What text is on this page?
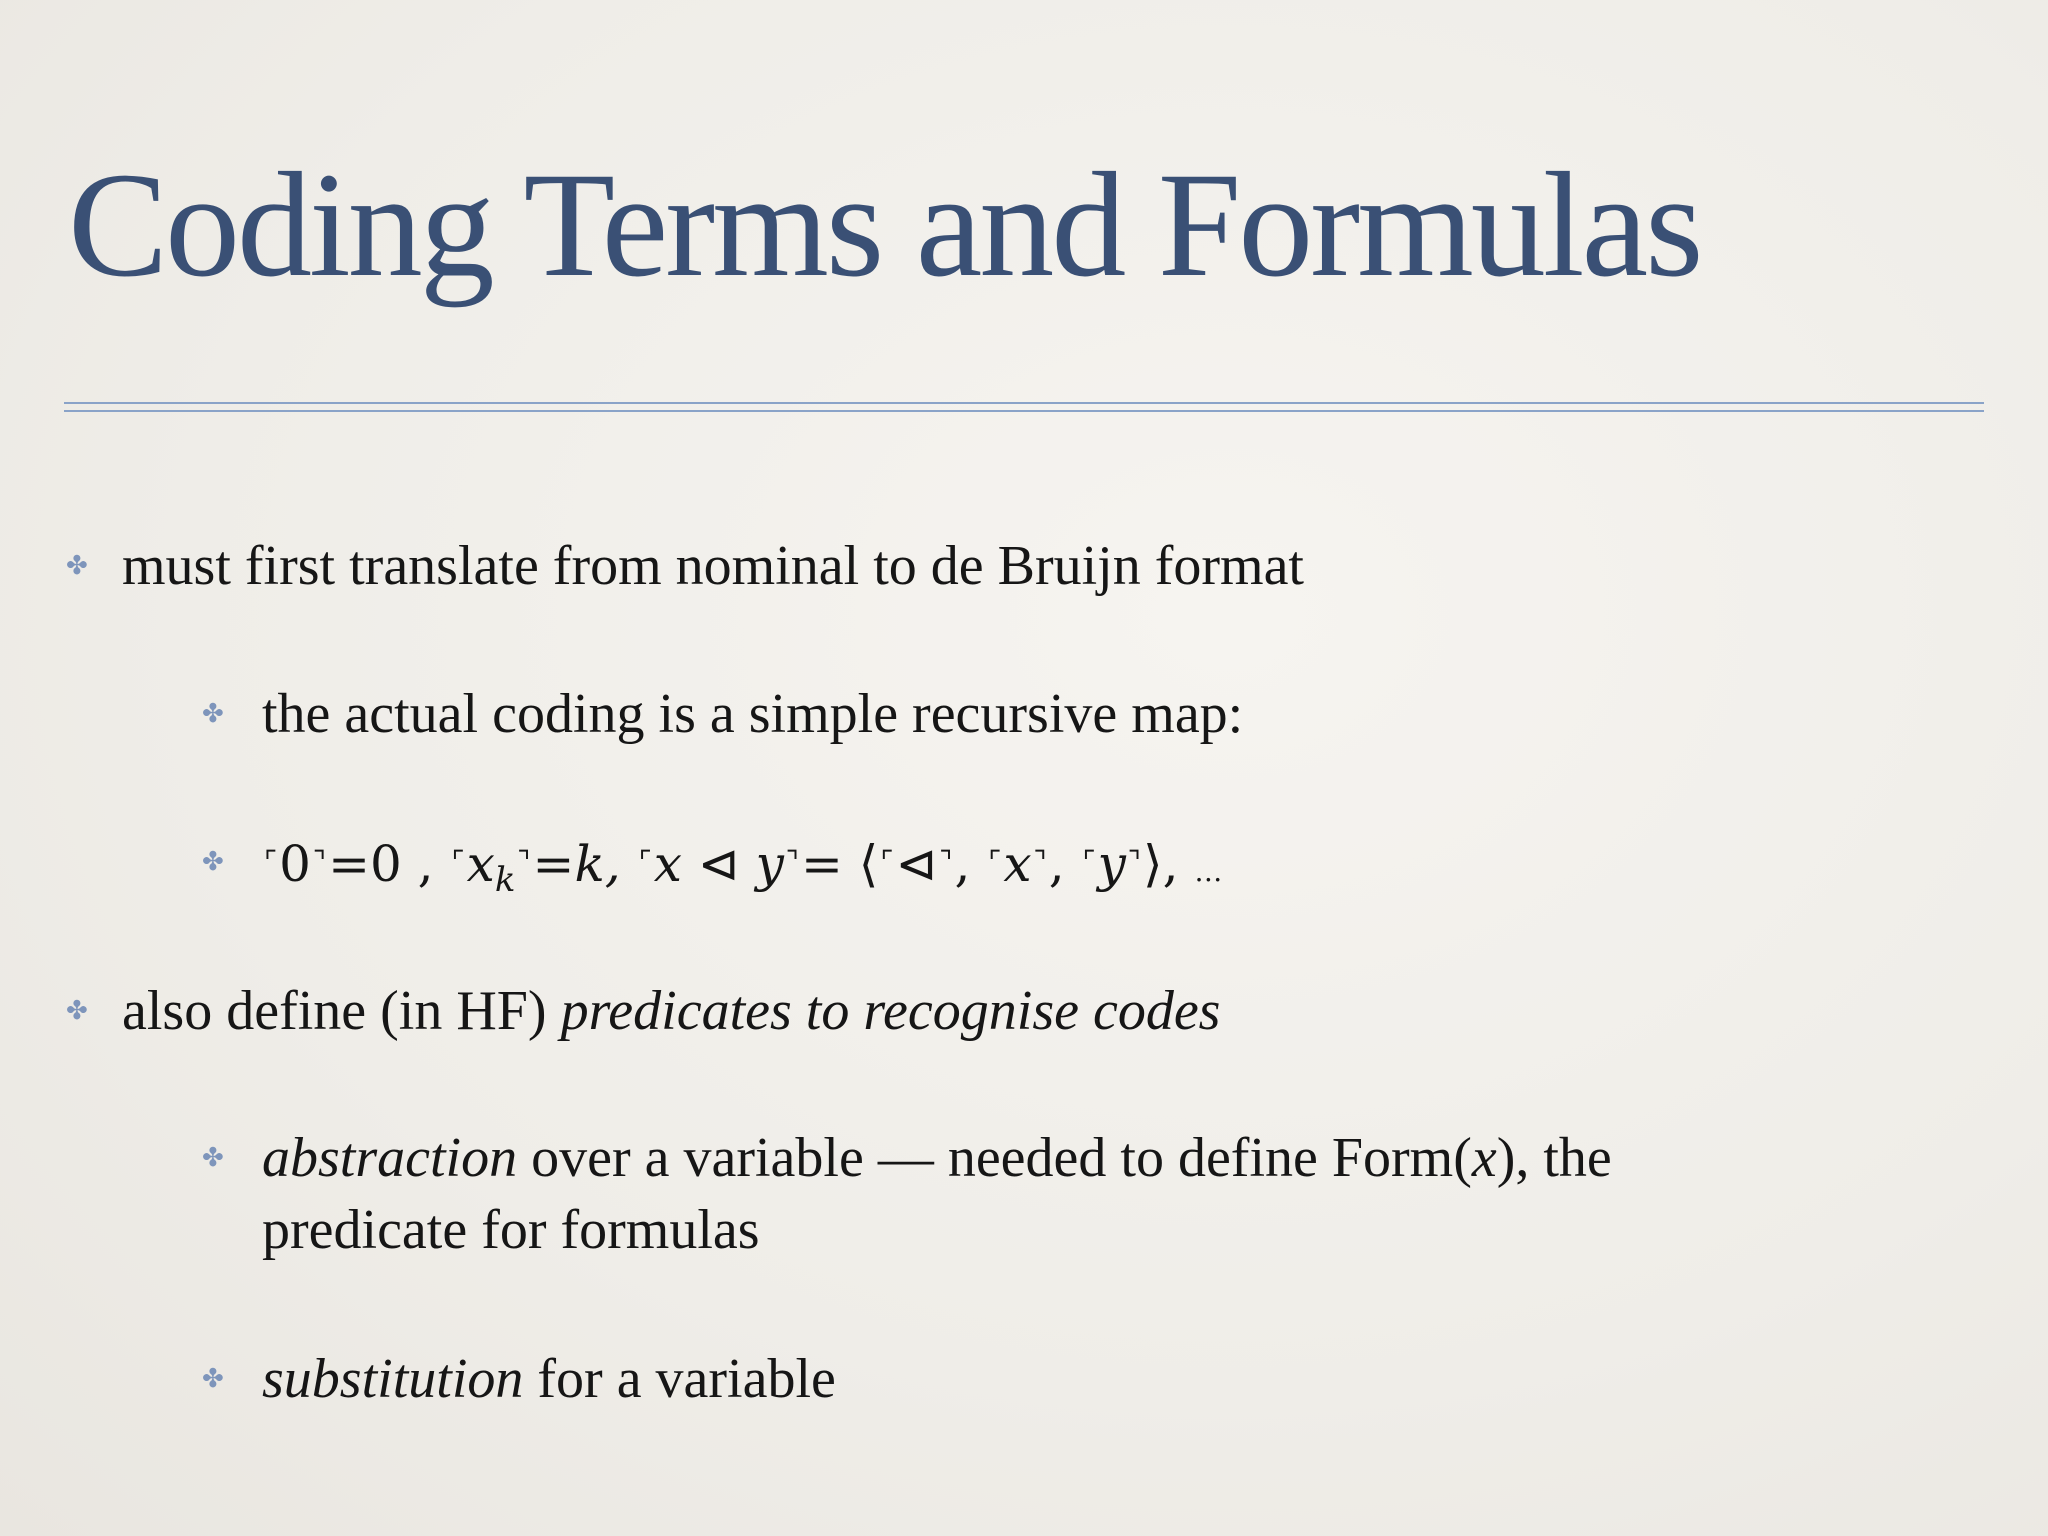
Coding Terms and Formulas
✤ must first translate from nominal to de Bruijn format
✤ the actual coding is a simple recursive map:
✤ ⌜0⌝=0 , $^⌜x_k^⌝=k$, ⌜x ⊲ y⌝= ⟨⌜⊲⌝, ⌜x⌝, ⌜y⌝⟩, …
✤ also define (in HF) predicates to recognise codes
✤ abstraction over a variable — needed to define Form(x), the
predicate for formulas
✤ substitution for a variable
